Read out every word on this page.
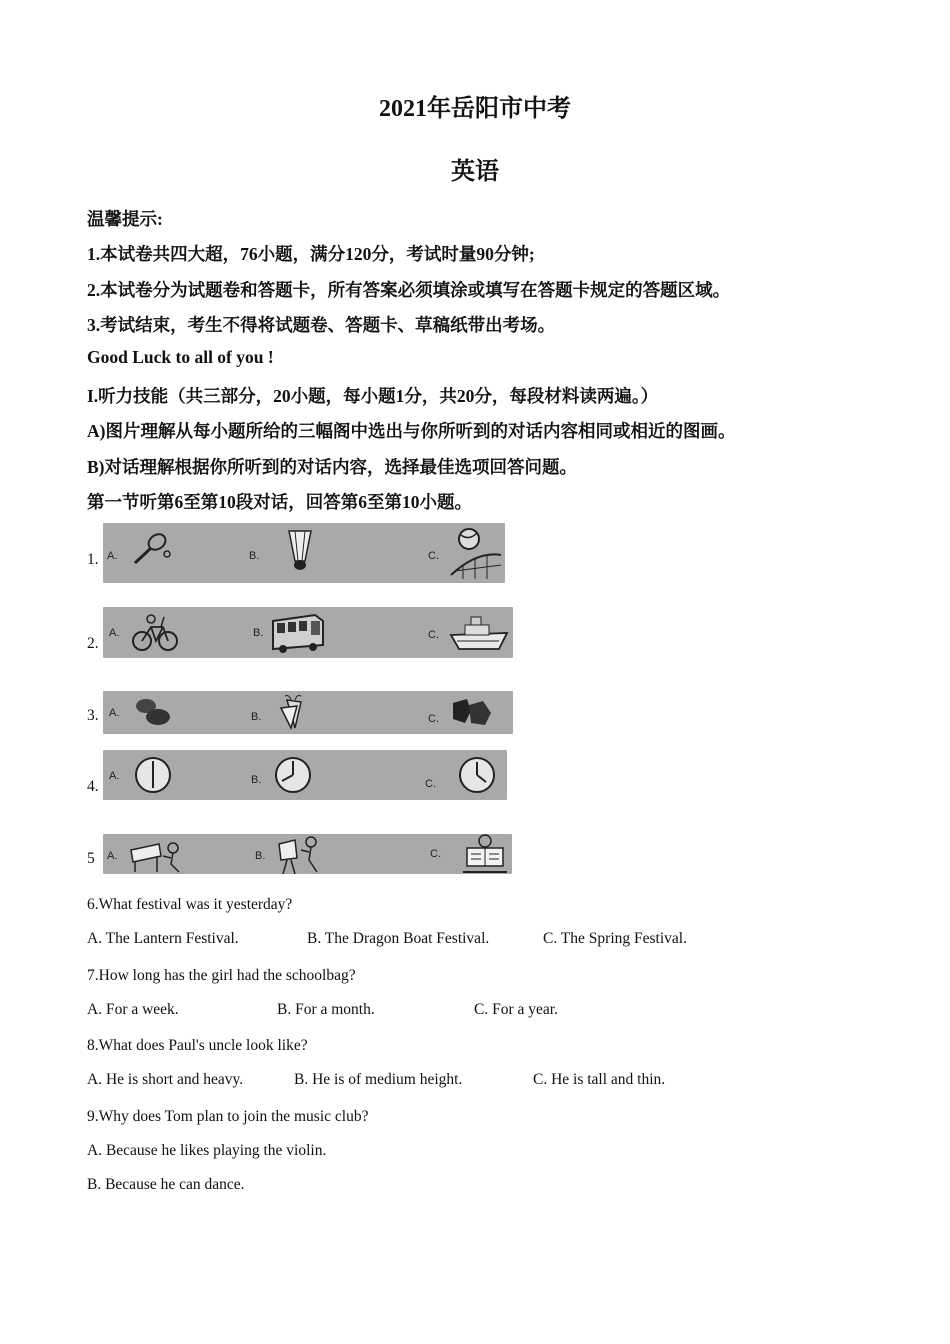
2021年岳阳市中考
英语
温馨提示:
1.本试卷共四大超，76小题，满分120分，考试时量90分钟;
2.本试卷分为试题卷和答题卡，所有答案必须填涂或填写在答题卡规定的答题区域。
3.考试结束，考生不得将试题卷、答题卡、草稿纸带出考场。
Good Luck to all of you !
I.听力技能（共三部分，20小题，每小题1分，共20分，每段材料读两遍。）
A)图片理解从每小题所给的三幅阁中选出与你所听到的对话内容相同或相近的图画。
B)对话理解根据你所听到的对话内容，选择最佳选项回答问题。
第一节听第6至第10段对话，回答第6至第10小题。
1. A.	B.	C.
2.
A.	B.	C.
3. A.	B.	C.
4.
A.	B.	C.
5 A.	B.	C.
6.What festival was it yesterday?
A. The Lantern Festival.	B. The Dragon Boat Festival.	C. The Spring Festival.
7.How long has the girl had the schoolbag?
A. For a week.	B. For a month.	C. For a year.
8.What does Paul's uncle look like?
A. He is short and heavy.	B. He is of medium height.	C. He is tall and thin.
9.Why does Tom plan to join the music club?
A. Because he likes playing the violin.
B. Because he can dance.
